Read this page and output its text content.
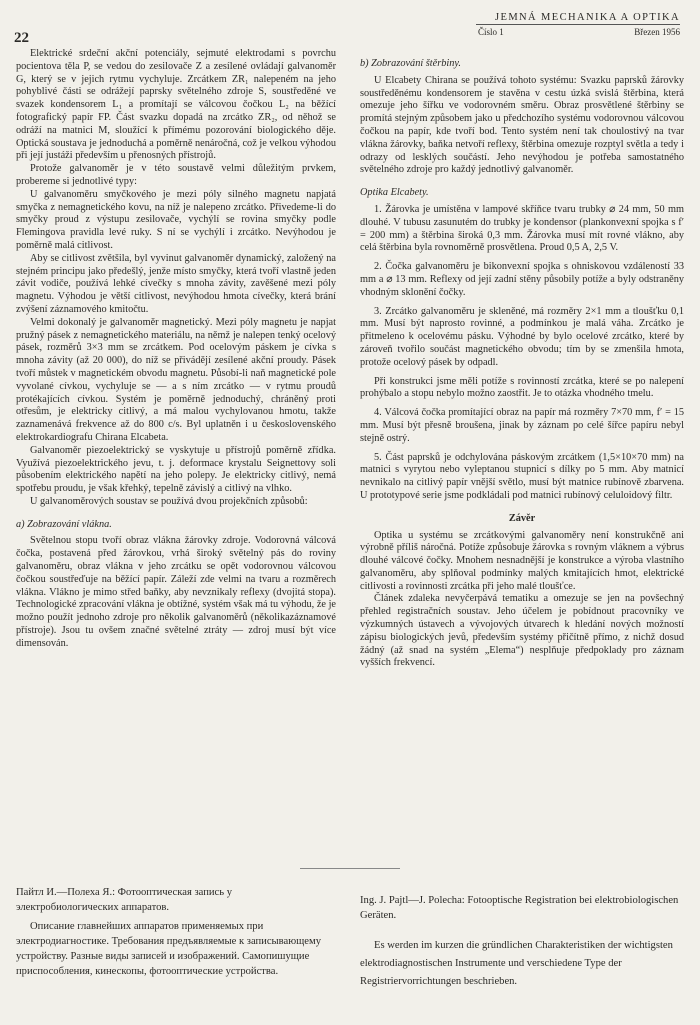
22
JEMNÁ MECHANIKA A OPTIKA
Číslo 1	Březen 1956

Elektrické srdeční akční potenciály, sejmuté elektrodami s povrchu pocientova těla P, se vedou do zesilovače Z a zesílené ovládají galvanoměr G, který se v jejich rytmu vychyluje. Zrcátkem ZR₁ nalepeném na jeho pohyblivé části se odrážejí paprsky světelného zdroje S, soustředěné ve svazek kondensorem L₁ a promítají se válcovou čočkou L₂ na běžící fotografický papír FP. Část svazku dopadá na zrcátko ZR₂, od něhož se odráží na matnici M, sloužící k přímému pozorování biologického děje. Optická soustava je jednoduchá a poměrně nenáročná, což je velkou výhodou při její justáži především u přenosných přístrojů.

Protože galvanoměr je v této soustavě velmi důležitým prvkem, probereme si jednotlivé typy:

U galvanoměru smyčkového je mezi póly silného magnetu napjatá smyčka z nemagnetického kovu, na níž je nalepeno zrcátko. Přivedeme-li do smyčky proud z výstupu zesilovače, vychýlí se rovina smyčky podle Flemingova pravidla levé ruky. S ní se vychýlí i zrcátko. Nevýhodou je poměrně malá citlivost.

Aby se citlivost zvětšila, byl vyvinut galvanoměr dynamický, založený na stejném principu jako předešlý, jenže místo smyčky, která tvoří vlastně jeden závit vodiče, používá lehké cívečky s mnoha závity, zavěšené mezi póly magnetu. Výhodou je větší citlivost, nevýhodou hmota cívečky, která brání zvýšení záznamového kmitočtu.

Velmi dokonalý je galvanoměr magnetický. Mezi póly magnetu je napjat pružný pásek z nemagnetického materiálu, na němž je nalepen tenký ocelový pásek, rozměrů 3×3 mm se zrcátkem. Pod ocelovým páskem je cívka s mnoha závity (až 20 000), do níž se přivádějí zesílené akční proudy. Pásek tvoří můstek v magnetickém obvodu magnetu. Působí-li naň magnetické pole vyvolané cívkou, vychyluje se — a s ním zrcátko — v rytmu proudů protékajících cívkou. Systém je poměrně jednoduchý, chráněný proti otřesům, je elektricky citlivý, a má malou vychylovanou hmotu, takže zaznamenává frekvence až do 800 c/s. Byl uplatněn i u československého elektrokardiografu Chirana Elcabeta.

Galvanoměr piezoelektrický se vyskytuje u přístrojů poměrně zřídka. Využívá piezoelektrického jevu, t. j. deformace krystalu Seignettovy soli působením elektrického napětí na jeho polepy. Je elektricky citlivý, nemá spotřebu proudu, je však křehký, tepelně závislý a citlivý na vlhko.

U galvanoměrových soustav se používá dvou projekčních způsobů:

a) Zobrazování vlákna.

Světelnou stopu tvoří obraz vlákna žárovky zdroje. Vodorovná válcová čočka, postavená před žárovkou, vrhá široký světelný pás do roviny galvanoměru, obraz vlákna v jeho zrcátku se opět vodorovnou válcovou čočkou soustřeďuje na běžící papír. Záleží zde velmi na tvaru a rozměrech vlákna. Vlákno je mimo střed baňky, aby nevznikaly reflexy (dvojitá stopa). Technologické zpracování vlákna je obtížné, systém však má tu výhodu, že je možno použít jednoho zdroje pro několik galvanoměrů (několikazáznamové přístroje). Jsou tu ovšem značné světelné ztráty — zdroj musí být více dimensován.

b) Zobrazování štěrbiny.

U Elcabety Chirana se používá tohoto systému: Svazku paprsků žárovky soustředěnému kondensorem je stavěna v cestu úzká svislá štěrbina, která omezuje jeho šířku ve vodorovném směru. Obraz prosvětlené štěrbiny se promítá stejným způsobem jako u předchozího systému vodorovnou válcovou čočkou na papír, kde tvoří bod. Tento systém není tak choulostivý na tvar vlákna žárovky, baňka netvoří reflexy, štěrbina omezuje rozptyl světla a tedy i odrazy od lesklých součástí. Jeho nevýhodou je potřeba samostatného světelného zdroje pro každý jednotlivý galvanoměr.

Optika Elcabety.

1. Žárovka je umístěna v lampové skříňce tvaru trubky ⌀ 24 mm, 50 mm dlouhé. V tubusu zasunutém do trubky je kondensor (plankonvexní spojka s f′ = 200 mm) a štěrbina široká 0,3 mm. Žárovka musí mít rovné vlákno, aby celá štěrbina byla rovnoměrně prosvětlena. Proud 0,5 A, 2,5 V.

2. Čočka galvanoměru je bikonvexní spojka s ohniskovou vzdáleností 33 mm a ⌀ 13 mm. Reflexy od její zadní stěny působily potíže a byly odstraněny vhodným sklonění čočky.

3. Zrcátko galvanoměru je skleněné, má rozměry 2×1 mm a tloušťku 0,1 mm. Musí být naprosto rovinné, a podmínkou je malá váha. Zrcátko je přitmeleno k ocelovému pásku. Výhodné by bylo ocelové zrcátko, které by zároveň tvořilo součást magnetického obvodu; tím by se zmenšila hmota, protože ocelový pásek by odpadl.

Při konstrukci jsme měli potíže s rovinností zrcátka, které se po nalepení prohýbalo a stopu nebylo možno zaostřit. Je to otázka vhodného tmelu.

4. Válcová čočka promítající obraz na papír má rozměry 7×70 mm, f′ = 15 mm. Musí být přesně broušena, jinak by záznam po celé šířce papíru nebyl stejně ostrý.

5. Část paprsků je odchylována páskovým zrcátkem (1,5×10×70 mm) na matnici s vyrytou nebo vyleptanou stupnicí s dílky po 5 mm. Aby matnicí nevnikalo na citlivý papír vnější světlo, musí být matnice rubínově zbarvena. U prototypové serie jsme podkládali pod matnici rubínový celuloidový filtr.

Závěr

Optika u systému se zrcátkovými galvanoměry není konstrukčně ani výrobně příliš náročná. Potíže způsobuje žárovka s rovným vláknem a výbrus dlouhé válcové čočky. Mnohem nesnadnější je konstrukce a výroba vlastního galvanoměru, aby splňoval podmínky malých kmitajících hmot, elektrické citlivosti a rovinnosti zrcátka při jeho malé tloušťce.

Článek zdaleka nevyčerpává tematiku a omezuje se jen na povšechný přehled registračních soustav. Jeho účelem je pobídnout pracovníky ve výzkumných ústavech a vývojových útvarech k hledání nových možností zápisu biologických jevů, především systémy přičítně přímo, z nichž dosud žádný (až snad na systém „Elema“) nesplňuje předpoklady pro záznam vyšších frekvencí.

Пайтл И.—Полеха Я.: Фотооптическая запись у электробиологических аппаратов.

Описание главнейших аппаратов применяемых при электродиагностике. Требования предъявляемые к записывающему устройству. Разные виды записей и изображений. Самопишущие приспособления, кинескопы, фотооптические устройства.

Ing. J. Pajtl—J. Polecha: Fotooptische Registration bei elektrobiologischen Geräten.

Es werden im kurzen die gründlichen Charakteristiken der wichtigsten elektrodiagnostischen Instrumente und verschiedene Type der Registriervorrichtungen beschrieben.
